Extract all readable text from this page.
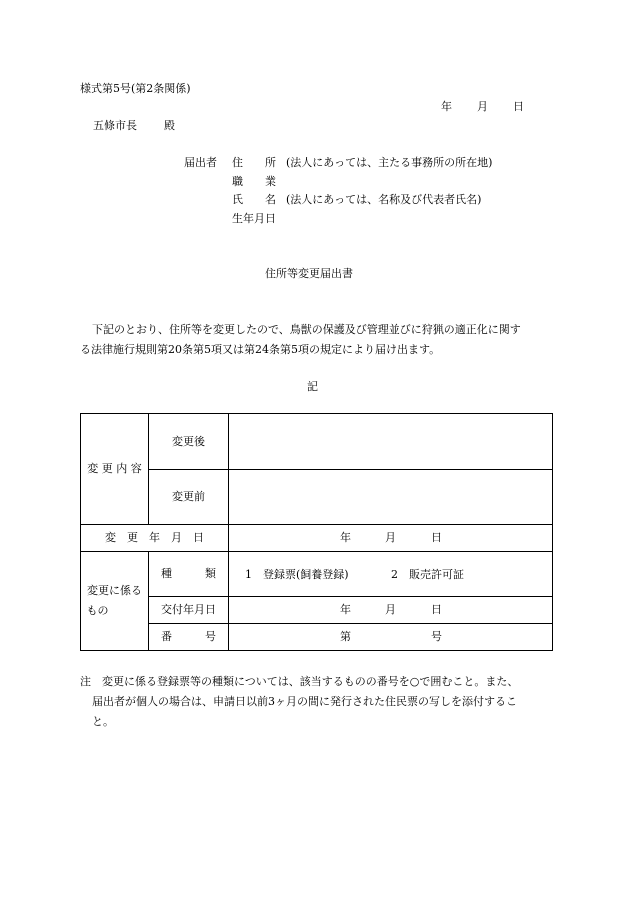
様式第5号(第2条関係)
年 月 日
五條市長 殿
届出者 住　　所 (法人にあっては、主たる事務所の所在地)
職　　業
氏　　名 (法人にあっては、名称及び代表者氏名)
生年月日
住所等変更届出書
下記のとおり、住所等を変更したので、鳥獣の保護及び管理並びに狩猟の適正化に関す
る法律施行規則第20条第5項又は第24条第5項の規定により届け出ます。
記
変 更 内 容	変更後	
	変更前	
変　更　年　月　日		年 月 日

変更に係る
もの	種　　　類	1　登録票(飼養登録) 2　販売許可証

	交付年月日	年 月 日

	番　　　号	第 号
注　変更に係る登録票等の種類については、該当するものの番号を○で囲むこと。また、
届出者が個人の場合は、申請日以前3ヶ月の間に発行された住民票の写しを添付するこ
と。
